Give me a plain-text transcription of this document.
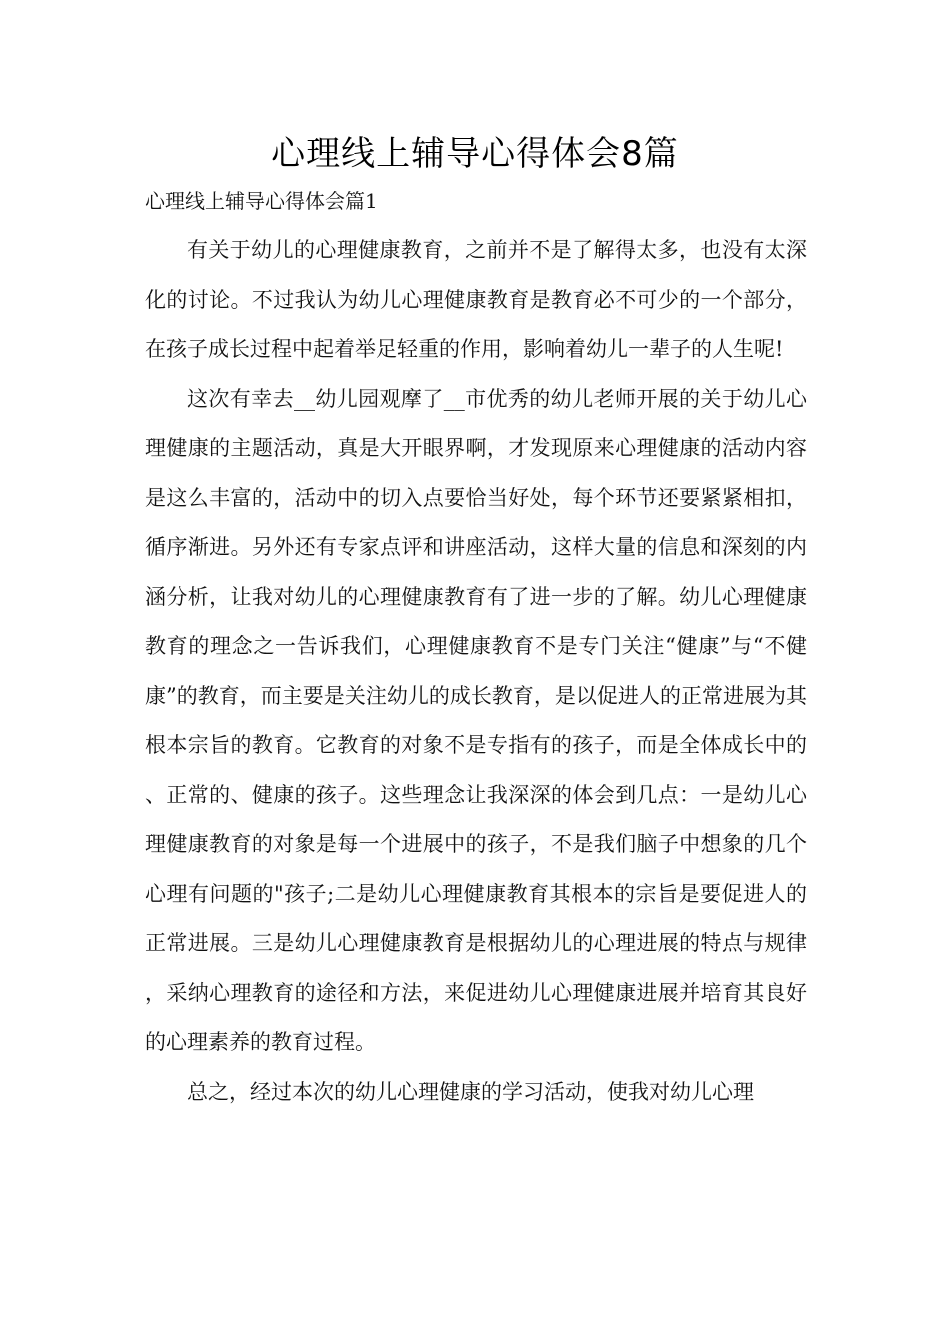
心理线上辅导心得体会8篇

心理线上辅导心得体会篇1

有关于幼儿的心理健康教育，之前并不是了解得太多，也没有太深化的讨论。不过我认为幼儿心理健康教育是教育必不可少的一个部分，在孩子成长过程中起着举足轻重的作用，影响着幼儿一辈子的人生呢!

这次有幸去__幼儿园观摩了__市优秀的幼儿老师开展的关于幼儿心理健康的主题活动，真是大开眼界啊，才发现原来心理健康的活动内容是这么丰富的，活动中的切入点要恰当好处，每个环节还要紧紧相扣，循序渐进。另外还有专家点评和讲座活动，这样大量的信息和深刻的内涵分析，让我对幼儿的心理健康教育有了进一步的了解。幼儿心理健康教育的理念之一告诉我们，心理健康教育不是专门关注“健康”与“不健康”的教育，而主要是关注幼儿的成长教育，是以促进人的正常进展为其根本宗旨的教育。它教育的对象不是专指有的孩子，而是全体成长中的、正常的、健康的孩子。这些理念让我深深的体会到几点：一是幼儿心理健康教育的对象是每一个进展中的孩子，不是我们脑子中想象的几个心理有问题的"孩子;二是幼儿心理健康教育其根本的宗旨是要促进人的正常进展。三是幼儿心理健康教育是根据幼儿的心理进展的特点与规律，采纳心理教育的途径和方法，来促进幼儿心理健康进展并培育其良好的心理素养的教育过程。

总之，经过本次的幼儿心理健康的学习活动，使我对幼儿心理
